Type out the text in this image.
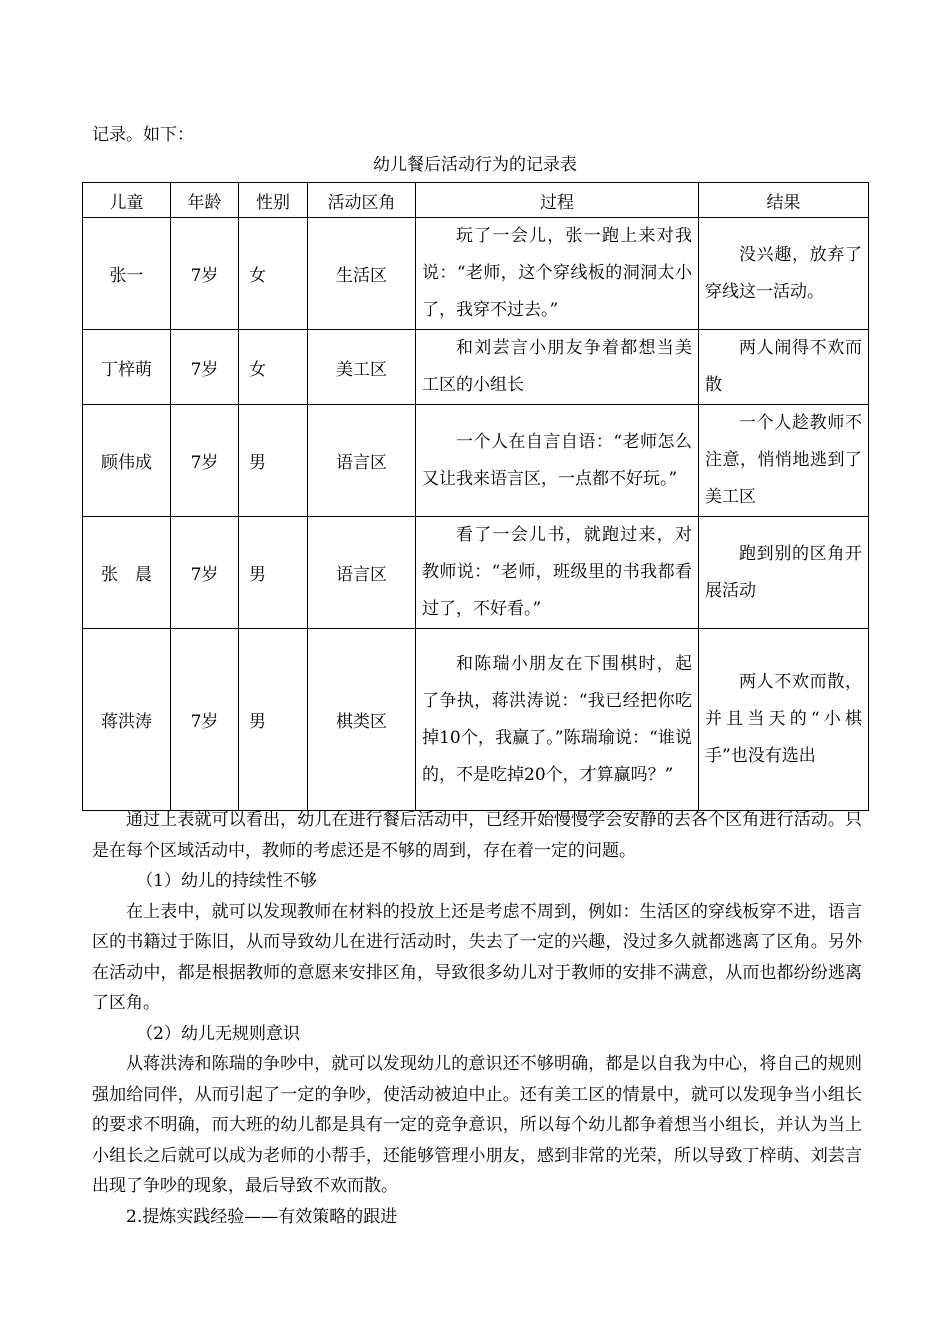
记录。如下：
幼儿餐后活动行为的记录表
儿童	年龄	性别	活动区角	过程	结果
张一	7岁	女	生活区	玩了一会儿，张一跑上来对我说：“老师，这个穿线板的洞洞太小了，我穿不过去。”	没兴趣，放弃了穿线这一活动。
丁梓萌	7岁	女	美工区	和刘芸言小朋友争着都想当美工区的小组长	两人闹得不欢而散
顾伟成	7岁	男	语言区	一个人在自言自语：“老师怎么又让我来语言区，一点都不好玩。”	一个人趁教师不注意，悄悄地逃到了美工区
张　晨	7岁	男	语言区	看了一会儿书，就跑过来，对教师说：“老师，班级里的书我都看过了，不好看。”	跑到别的区角开展活动
蒋洪涛	7岁	男	棋类区	和陈瑞小朋友在下围棋时，起了争执，蒋洪涛说：“我已经把你吃掉10个，我赢了。”陈瑞瑜说：“谁说的，不是吃掉20个，才算赢吗？”	两人不欢而散，并且当天的“小棋手”也没有选出

通过上表就可以看出，幼儿在进行餐后活动中，已经开始慢慢学会安静的去各个区角进行活动。只是在每个区域活动中，教师的考虑还是不够的周到，存在着一定的问题。

（1）幼儿的持续性不够

在上表中，就可以发现教师在材料的投放上还是考虑不周到，例如：生活区的穿线板穿不进，语言区的书籍过于陈旧，从而导致幼儿在进行活动时，失去了一定的兴趣，没过多久就都逃离了区角。另外在活动中，都是根据教师的意愿来安排区角，导致很多幼儿对于教师的安排不满意，从而也都纷纷逃离了区角。

（2）幼儿无规则意识

从蒋洪涛和陈瑞的争吵中，就可以发现幼儿的意识还不够明确，都是以自我为中心，将自己的规则强加给同伴，从而引起了一定的争吵，使活动被迫中止。还有美工区的情景中，就可以发现争当小组长的要求不明确，而大班的幼儿都是具有一定的竞争意识，所以每个幼儿都争着想当小组长，并认为当上小组长之后就可以成为老师的小帮手，还能够管理小朋友，感到非常的光荣，所以导致丁梓萌、刘芸言出现了争吵的现象，最后导致不欢而散。

2.提炼实践经验——有效策略的跟进
